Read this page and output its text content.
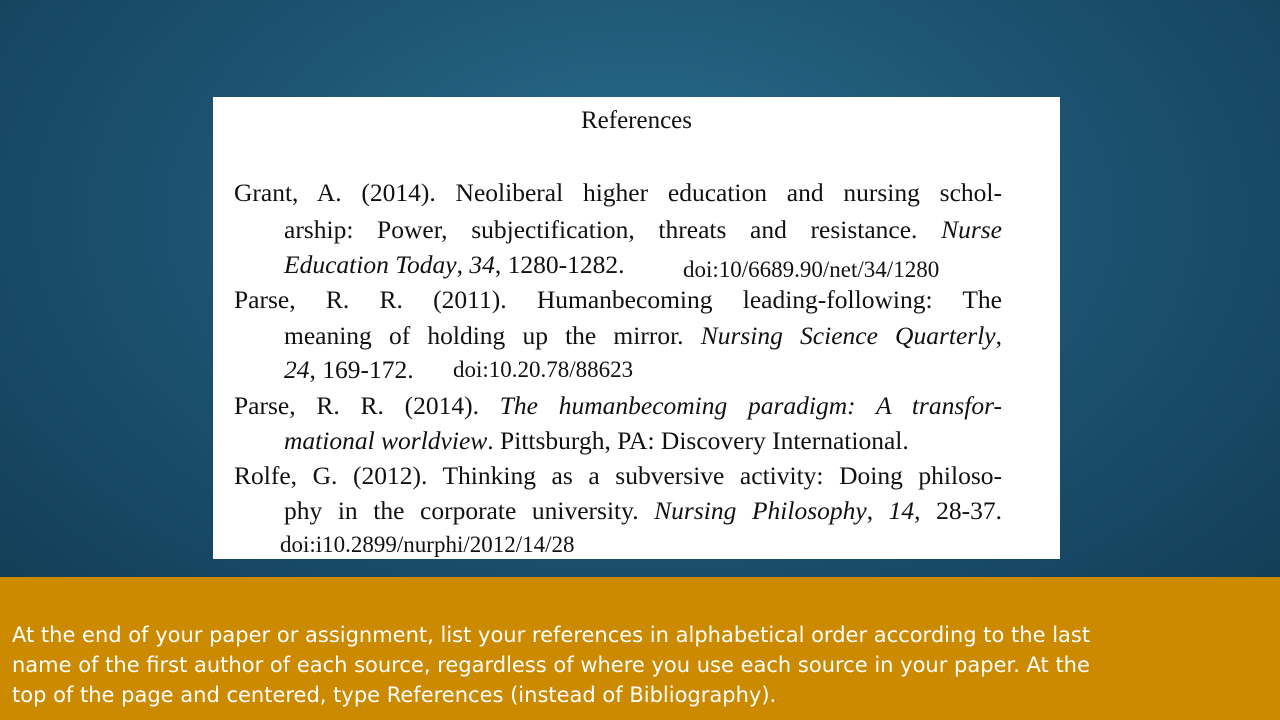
References
Grant, A. (2014). Neoliberal higher education and nursing schol-
arship: Power, subjectification, threats and resistance. Nurse
Education Today, 34, 1280-1282.	doi:10/6689.90/net/34/1280
Parse, R. R. (2011). Humanbecoming leading-following: The
meaning of holding up the mirror. Nursing Science Quarterly,
24, 169-172. doi:10.20.78/88623
Parse, R. R. (2014). The humanbecoming paradigm: A transfor-
mational worldview. Pittsburgh, PA: Discovery International.
Rolfe, G. (2012). Thinking as a subversive activity: Doing philoso-
phy in the corporate university. Nursing Philosophy, 14, 28-37.
doi:i10.2899/nurphi/2012/14/28
At the end of your paper or assignment, list your references in alphabetical order according to the last
name of the first author of each source, regardless of where you use each source in your paper. At the
top of the page and centered, type References (instead of Bibliography).
